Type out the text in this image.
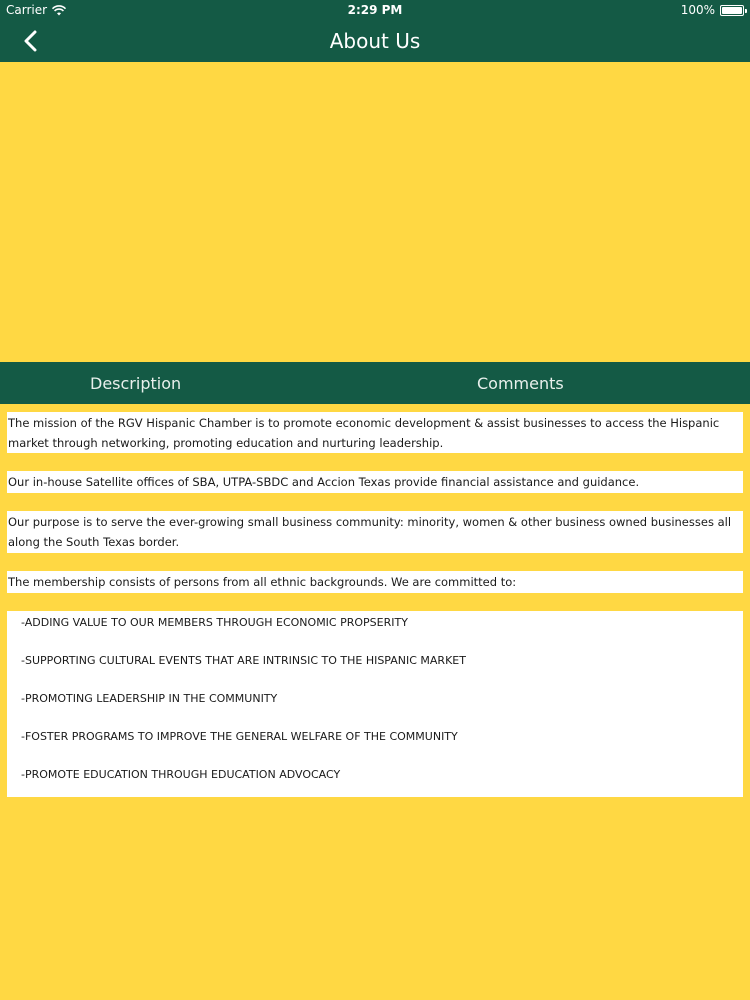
Carrier	2:29 PM	100%
About Us
Description	Comments
The mission of the RGV Hispanic Chamber is to promote economic development & assist businesses to access the Hispanic market through networking, promoting education and nurturing leadership.
Our in-house Satellite offices of SBA, UTPA-SBDC and Accion Texas provide financial assistance and guidance.
Our purpose is to serve the ever-growing small business community: minority, women & other business owned businesses all along the South Texas border.
The membership consists of persons from all ethnic backgrounds. We are committed to:
-ADDING VALUE TO OUR MEMBERS THROUGH ECONOMIC PROPSERITY
-SUPPORTING CULTURAL EVENTS THAT ARE INTRINSIC TO THE HISPANIC MARKET
-PROMOTING LEADERSHIP IN THE COMMUNITY
-FOSTER PROGRAMS TO IMPROVE THE GENERAL WELFARE OF THE COMMUNITY
-PROMOTE EDUCATION THROUGH EDUCATION ADVOCACY
